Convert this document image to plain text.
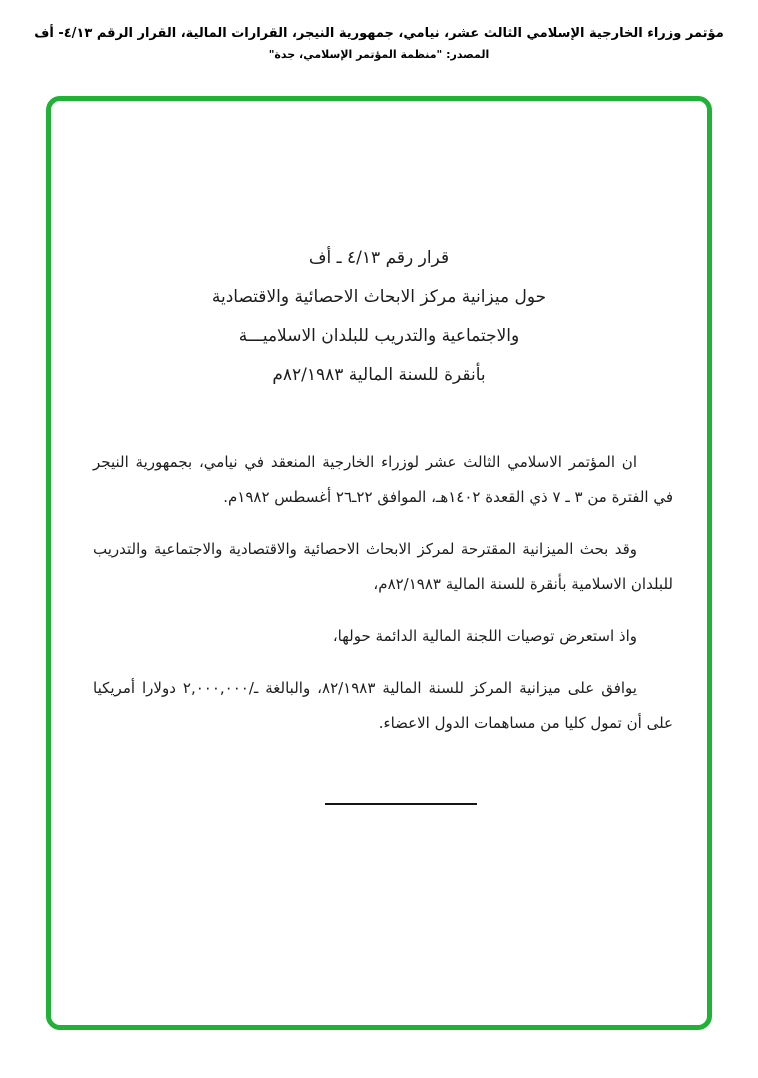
مؤتمر وزراء الخارجية الإسلامي الثالث عشر، نيامي، جمهورية النيجر، القرارات المالية، القرار الرقم ٤/١٣- أف
المصدر: "منظمة المؤتمر الإسلامي، جدة"
قرار رقم ٤/١٣ ـ أف
حول ميزانية مركز الابحاث الاحصائية والاقتصادية
والاجتماعية والتدريب للبلدان الاسلاميـــة
بأنقرة للسنة المالية ٨٢/١٩٨٣م

ان المؤتمر الاسلامي الثالث عشر لوزراء الخارجية المنعقد في نيامي، بجمهورية النيجر في الفترة من ٣ ـ ٧ ذي القعدة ١٤٠٢هـ، الموافق ٢٢ـ٢٦ أغسطس ١٩٨٢م.

وقد بحث الميزانية المقترحة لمركز الابحاث الاحصائية والاقتصادية والاجتماعية والتدريب للبلدان الاسلامية بأنقرة للسنة المالية ٨٢/١٩٨٣م،

واذ استعرض توصيات اللجنة المالية الدائمة حولها،

يوافق على ميزانية المركز للسنة المالية ٨٢/١٩٨٣، والبالغة ـ/٢,٠٠٠,٠٠٠ دولارا أمريكيا على أن تمول كليا من مساهمات الدول الاعضاء.
